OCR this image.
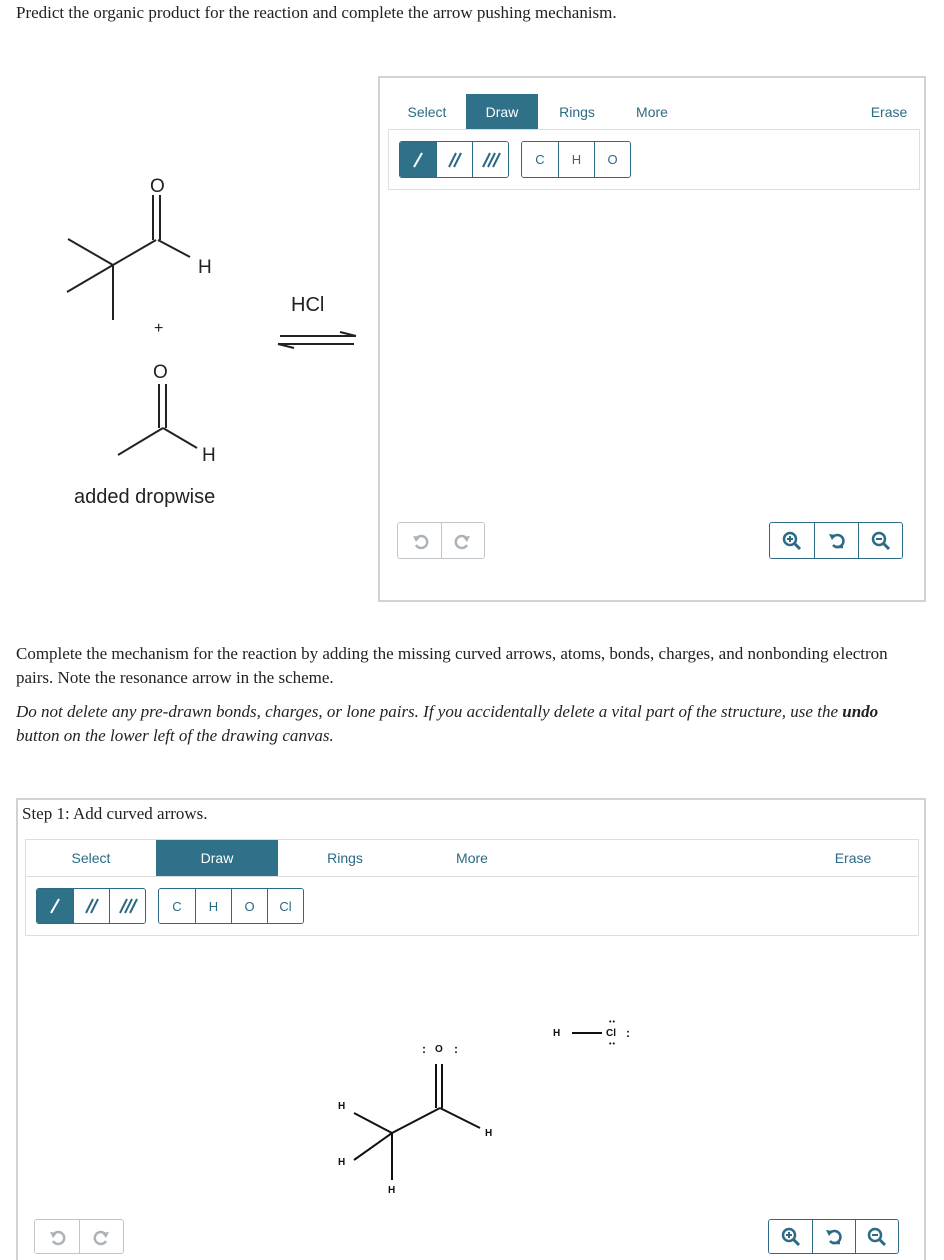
Predict the organic product for the reaction and complete the arrow pushing mechanism.
O
H
+
HCl
O
H
added dropwise
Select	Draw	Rings	More	Erase
C	H	O
Complete the mechanism for the reaction by adding the missing curved arrows, atoms, bonds, charges, and nonbonding electron pairs. Note the resonance arrow in the scheme.
Do not delete any pre-drawn bonds, charges, or lone pairs. If you accidentally delete a vital part of the structure, use the undo button on the lower left of the drawing canvas.
Step 1: Add curved arrows.
Select	Draw	Rings	More	Erase
C	H	O	Cl
H	Cl
••
••
:
: O :
H
H
H
H
